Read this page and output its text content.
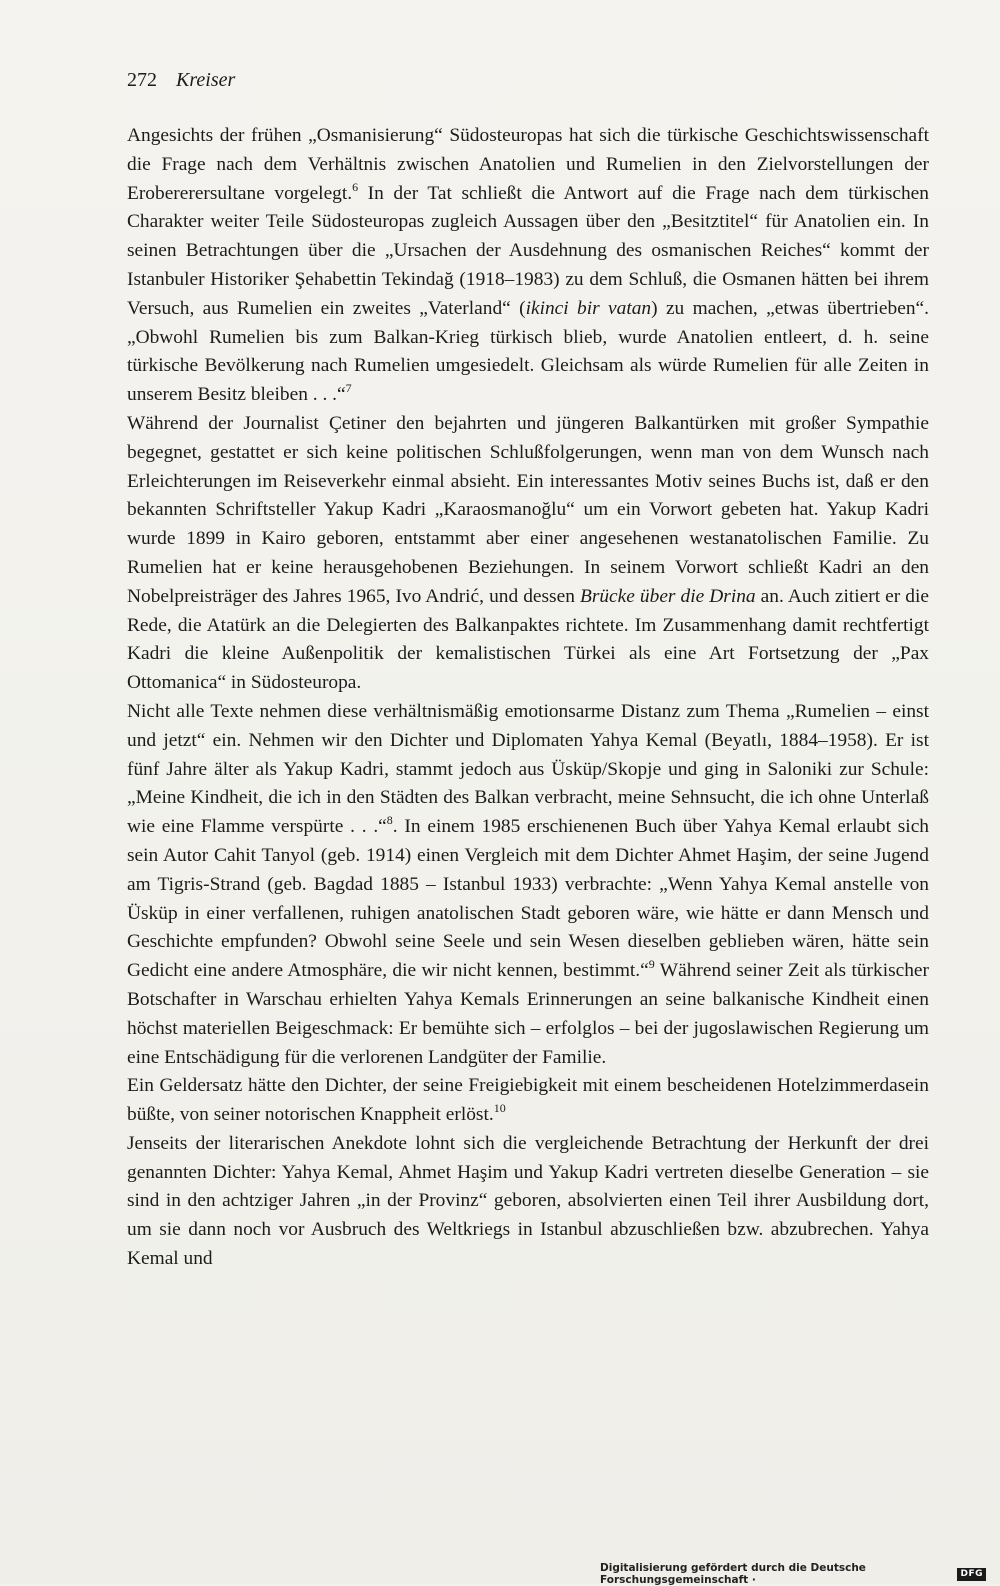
272 Kreiser

Angesichts der frühen „Osmanisierung“ Südosteuropas hat sich die türkische Geschichtswissenschaft die Frage nach dem Verhältnis zwischen Anatolien und Rumelien in den Zielvorstellungen der Erobererersultane vorgelegt.$^6$ In der Tat schließt die Antwort auf die Frage nach dem türkischen Charakter weiter Teile Südosteuropas zugleich Aussagen über den „Besitztitel“ für Anatolien ein. In seinen Betrachtungen über die „Ursachen der Ausdehnung des osmanischen Reiches“ kommt der Istanbuler Historiker Şehabettin Tekindağ (1918–1983) zu dem Schluß, die Osmanen hätten bei ihrem Versuch, aus Rumelien ein zweites „Vaterland“ (ikinci bir vatan) zu machen, „etwas übertrieben“. „Obwohl Rumelien bis zum Balkan-Krieg türkisch blieb, wurde Anatolien entleert, d. h. seine türkische Bevölkerung nach Rumelien umgesiedelt. Gleichsam als würde Rumelien für alle Zeiten in unserem Besitz bleiben . . .“$^7$

Während der Journalist Çetiner den bejahrten und jüngeren Balkantürken mit großer Sympathie begegnet, gestattet er sich keine politischen Schlußfolgerungen, wenn man von dem Wunsch nach Erleichterungen im Reiseverkehr einmal absieht. Ein interessantes Motiv seines Buchs ist, daß er den bekannten Schriftsteller Yakup Kadri „Karaosmanoğlu“ um ein Vorwort gebeten hat. Yakup Kadri wurde 1899 in Kairo geboren, entstammt aber einer angesehenen westanatolischen Familie. Zu Rumelien hat er keine herausgehobenen Beziehungen. In seinem Vorwort schließt Kadri an den Nobelpreisträger des Jahres 1965, Ivo Andrić, und dessen Brücke über die Drina an. Auch zitiert er die Rede, die Atatürk an die Delegierten des Balkanpaktes richtete. Im Zusammenhang damit rechtfertigt Kadri die kleine Außenpolitik der kemalistischen Türkei als eine Art Fortsetzung der „Pax Ottomanica“ in Südosteuropa.

Nicht alle Texte nehmen diese verhältnismäßig emotionsarme Distanz zum Thema „Rumelien – einst und jetzt“ ein. Nehmen wir den Dichter und Diplomaten Yahya Kemal (Beyatlı, 1884–1958). Er ist fünf Jahre älter als Yakup Kadri, stammt jedoch aus Üsküp/Skopje und ging in Saloniki zur Schule: „Meine Kindheit, die ich in den Städten des Balkan verbracht, meine Sehnsucht, die ich ohne Unterlaß wie eine Flamme verspürte . . .“$^8$. In einem 1985 erschienenen Buch über Yahya Kemal erlaubt sich sein Autor Cahit Tanyol (geb. 1914) einen Vergleich mit dem Dichter Ahmet Haşim, der seine Jugend am Tigris-Strand (geb. Bagdad 1885 – Istanbul 1933) verbrachte: „Wenn Yahya Kemal anstelle von Üsküp in einer verfallenen, ruhigen anatolischen Stadt geboren wäre, wie hätte er dann Mensch und Geschichte empfunden? Obwohl seine Seele und sein Wesen dieselben geblieben wären, hätte sein Gedicht eine andere Atmosphäre, die wir nicht kennen, bestimmt.“$^9$ Während seiner Zeit als türkischer Botschafter in Warschau erhielten Yahya Kemals Erinnerungen an seine balkanische Kindheit einen höchst materiellen Beigeschmack: Er bemühte sich – erfolglos – bei der jugoslawischen Regierung um eine Entschädigung für die verlorenen Landgüter der Familie.

Ein Geldersatz hätte den Dichter, der seine Freigiebigkeit mit einem bescheidenen Hotelzimmerdasein büßte, von seiner notorischen Knappheit erlöst.$^{10}$

Jenseits der literarischen Anekdote lohnt sich die vergleichende Betrachtung der Herkunft der drei genannten Dichter: Yahya Kemal, Ahmet Haşim und Yakup Kadri vertreten dieselbe Generation – sie sind in den achtziger Jahren „in der Provinz“ geboren, absolvierten einen Teil ihrer Ausbildung dort, um sie dann noch vor Ausbruch des Weltkriegs in Istanbul abzuschließen bzw. abzubrechen. Yahya Kemal und

Digitalisierung gefördert durch die Deutsche Forschungsgemeinschaft ·
DFG
